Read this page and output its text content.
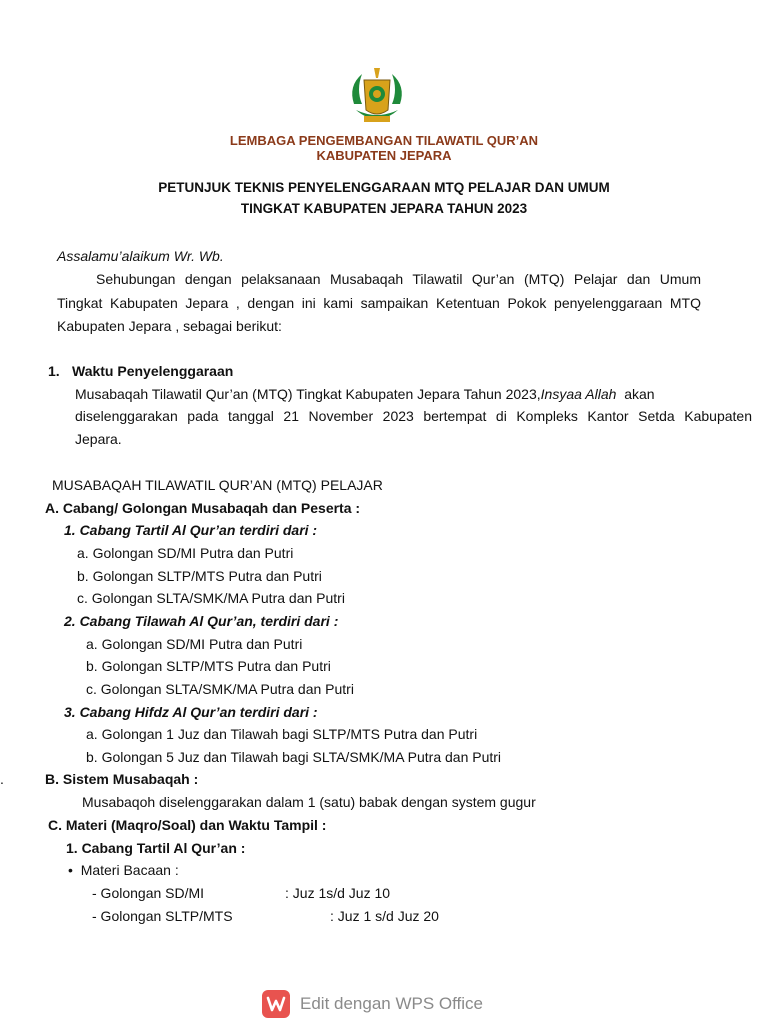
LEMBAGA PENGEMBANGAN TILAWATIL QUR’AN
KABUPATEN JEPARA
PETUNJUK TEKNIS PENYELENGGARAAN MTQ PELAJAR DAN UMUM
TINGKAT KABUPATEN JEPARA TAHUN 2023
Assalamu’alaikum Wr. Wb.
Sehubungan dengan pelaksanaan Musabaqah Tilawatil Qur’an (MTQ) Pelajar dan Umum
Tingkat Kabupaten Jepara , dengan ini kami sampaikan Ketentuan Pokok penyelenggaraan MTQ
Kabupaten Jepara , sebagai berikut:
1. Waktu Penyelenggaraan
Musabaqah Tilawatil Qur’an (MTQ) Tingkat Kabupaten Jepara Tahun 2023,Insyaa Allah akan
diselenggarakan pada tanggal 21 November 2023 bertempat di Kompleks Kantor Setda Kabupaten
Jepara.
MUSABAQAH TILAWATIL QUR’AN (MTQ) PELAJAR
A. Cabang/ Golongan Musabaqah dan Peserta :
1. Cabang Tartil Al Qur’an terdiri dari :
a. Golongan SD/MI Putra dan Putri
b. Golongan SLTP/MTS Putra dan Putri
c. Golongan SLTA/SMK/MA Putra dan Putri
2. Cabang Tilawah Al Qur’an, terdiri dari :
a. Golongan SD/MI Putra dan Putri
b. Golongan SLTP/MTS Putra dan Putri
c. Golongan SLTA/SMK/MA Putra dan Putri
3. Cabang Hifdz Al Qur’an terdiri dari :
a. Golongan 1 Juz dan Tilawah bagi SLTP/MTS Putra dan Putri
b. Golongan 5 Juz dan Tilawah bagi SLTA/SMK/MA Putra dan Putri
.	B. Sistem Musabaqah :
Musabaqoh diselenggarakan dalam 1 (satu) babak dengan system gugur
C. Materi (Maqro/Soal) dan Waktu Tampil :
1. Cabang Tartil Al Qur’an :
• Materi Bacaan :
- Golongan SD/MI	: Juz 1s/d Juz 10
- Golongan SLTP/MTS	: Juz 1 s/d Juz 20
Edit dengan WPS Office
